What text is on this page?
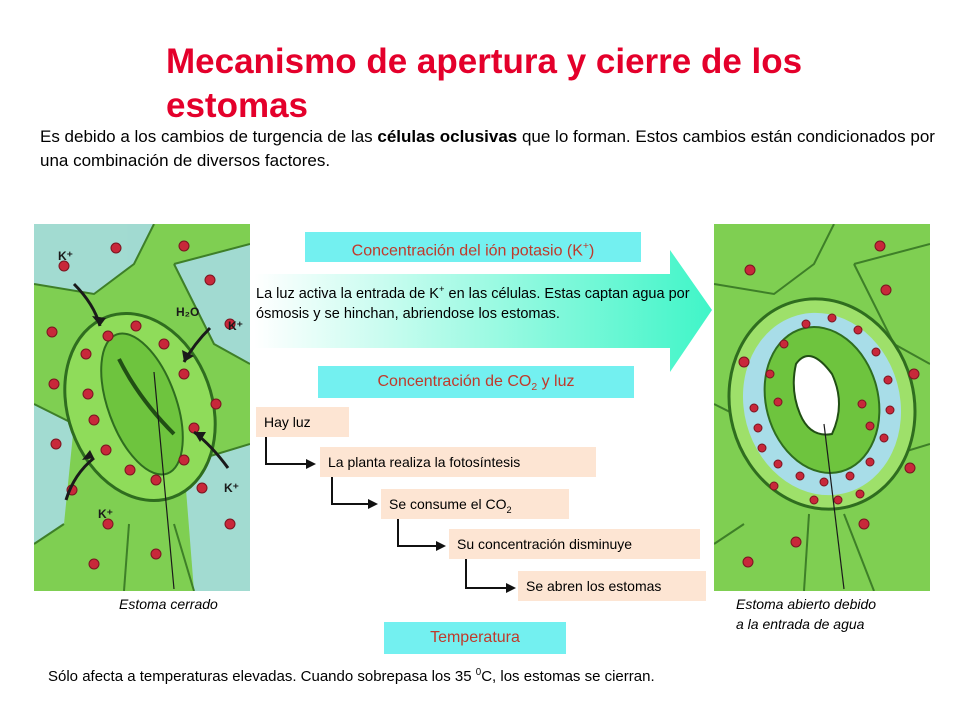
Mecanismo de apertura y cierre de los estomas
Es debido a los cambios de turgencia de las células oclusivas que lo forman. Estos cambios están condicionados por una combinación de diversos factores.
K⁺
H₂O
K⁺
K⁺
K⁺
Estoma cerrado	Estoma abierto debido
a la entrada de agua
Concentración del ión potasio (K+)
La luz activa la entrada de K+ en las células. Estas captan agua por ósmosis y se hinchan, abriendose los estomas.
Concentración de $CO_2$ y luz
Hay luz
La planta realiza la fotosíntesis
Se consume el $CO_2$
Su concentración disminuye
Se abren los estomas
Temperatura
Sólo afecta a temperaturas elevadas. Cuando sobrepasa los 35 $^0$C, los estomas se cierran.
